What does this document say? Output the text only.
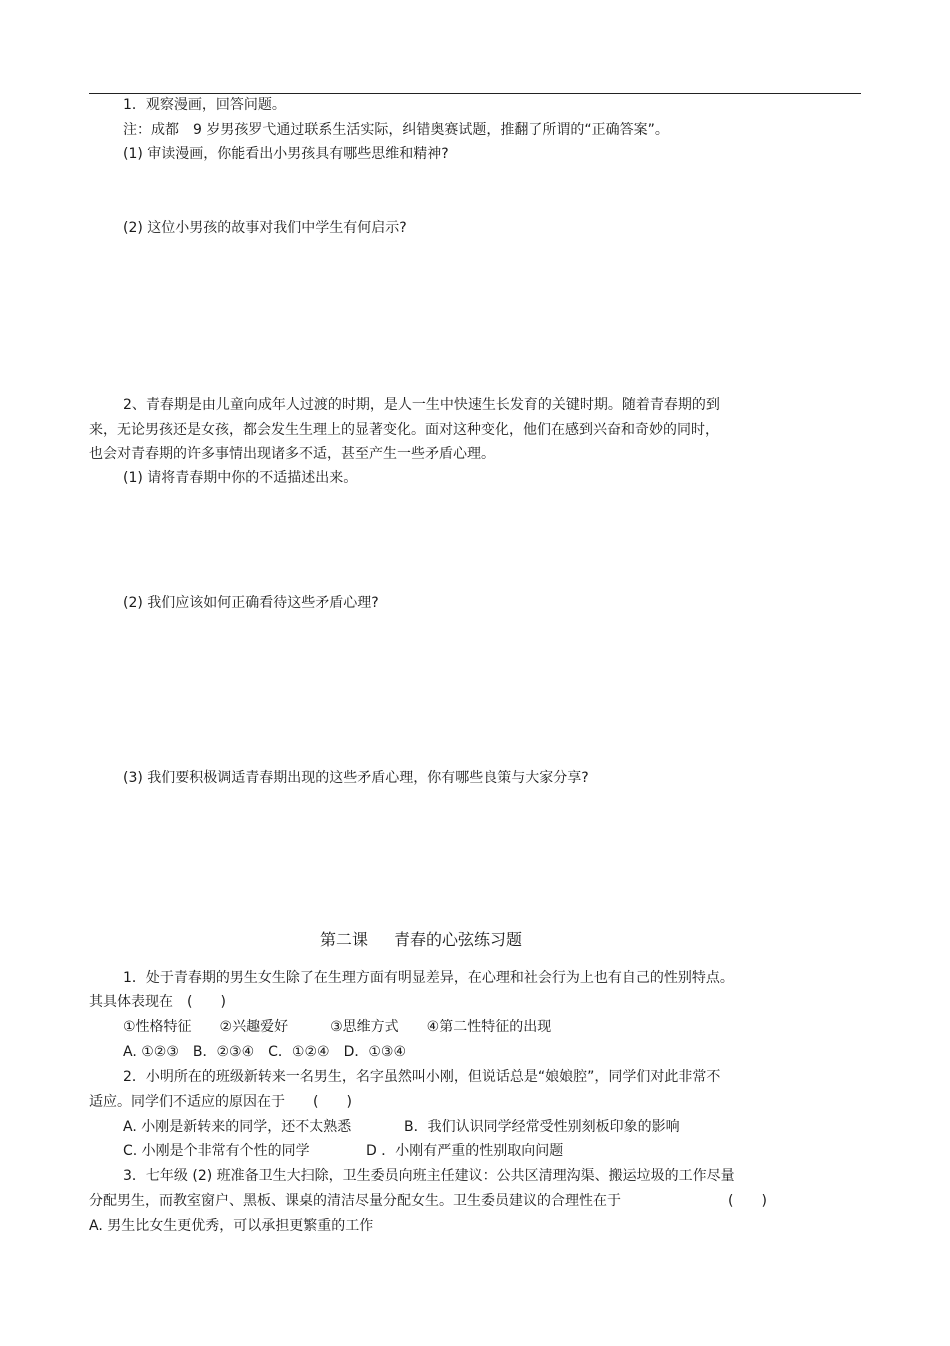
1．观察漫画，回答问题。
注：成都　9 岁男孩罗弋通过联系生活实际，纠错奥赛试题，推翻了所谓的“正确答案”。
(1) 审读漫画，你能看出小男孩具有哪些思维和精神?
(2) 这位小男孩的故事对我们中学生有何启示?
2、青春期是由儿童向成年人过渡的时期，是人一生中快速生长发育的关键时期。随着青春期的到
来，无论男孩还是女孩，都会发生生理上的显著变化。面对这种变化，他们在感到兴奋和奇妙的同时，
也会对青春期的许多事情出现诸多不适，甚至产生一些矛盾心理。
(1) 请将青春期中你的不适描述出来。
(2) 我们应该如何正确看待这些矛盾心理?
(3) 我们要积极调适青春期出现的这些矛盾心理，你有哪些良策与大家分享?
第二课 青春的心弦练习题
1．处于青春期的男生女生除了在生理方面有明显差异，在心理和社会行为上也有自己的性别特点。
其具体表现在　(　　)
①性格特征　　②兴趣爱好　　　③思维方式　　④第二性特征的出现
A. ①②③　B．②③④　C．①②④　D．①③④
2．小明所在的班级新转来一名男生，名字虽然叫小刚，但说话总是“娘娘腔”，同学们对此非常不
适应。同学们不适应的原因在于　　(　　)
A. 小刚是新转来的同学，还不太熟悉	B．我们认识同学经常受性别刻板印象的影响
C. 小刚是个非常有个性的同学	D ．小刚有严重的性别取向问题
3．七年级 (2) 班准备卫生大扫除，卫生委员向班主任建议：公共区清理沟渠、搬运垃圾的工作尽量
分配男生，而教室窗户、黑板、课桌的清洁尽量分配女生。卫生委员建议的合理性在于	(　　)
A. 男生比女生更优秀，可以承担更繁重的工作
